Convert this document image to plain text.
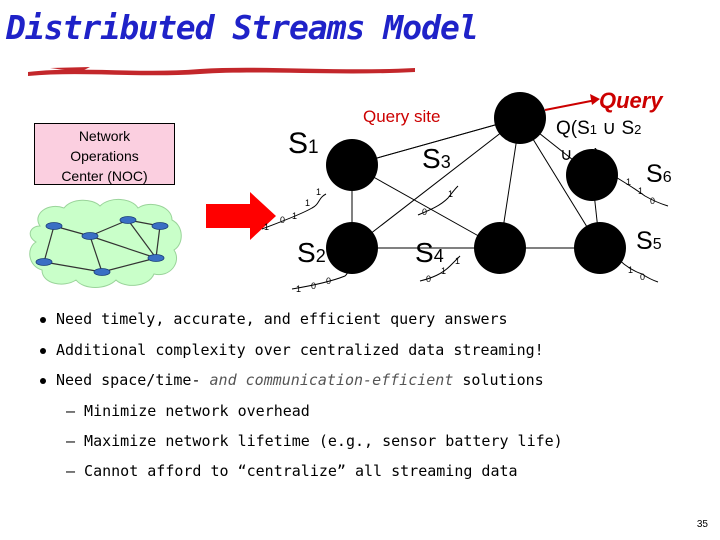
Distributed Streams Model
Network
Operations
Center (NOC)
S1	S3
S2	S4
S5
S6
Query site
Query
Q(S1 ∪ S2
∪ …)
1
0 1
1
1
1 0 0
1
0
1
0
1
1	1
1
0
1
1
0
Need timely, accurate, and efficient query answers
Additional complexity over centralized data streaming!
Need space/time- and communication-efficient solutions
– Minimize network overhead
– Maximize network lifetime (e.g., sensor battery life)
– Cannot afford to “centralize” all streaming data
35
